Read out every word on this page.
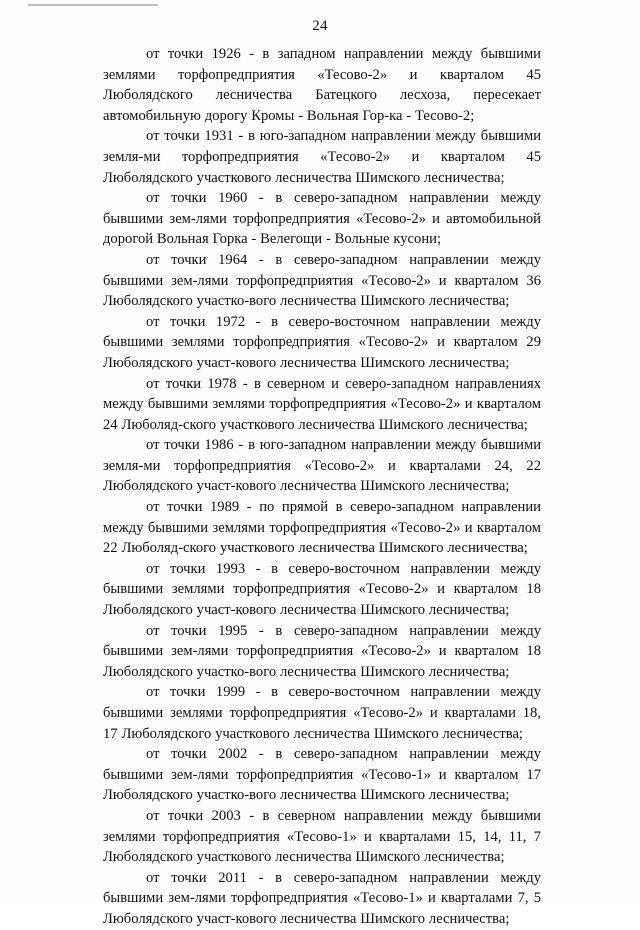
24

от точки 1926 - в западном направлении между бывшими землями торфопредприятия «Тесово-2» и кварталом 45 Люболядского лесничества Батецкого лесхоза, пересекает автомобильную дорогу Кромы - Вольная Гор-ка - Тесово-2;

от точки 1931 - в юго-западном направлении между бывшими земля-ми торфопредприятия «Тесово-2» и кварталом 45 Люболядского участкового лесничества Шимского лесничества;

от точки 1960 - в северо-западном направлении между бывшими зем-лями торфопредприятия «Тесово-2» и автомобильной дорогой Вольная Горка - Велегощи - Вольные кусони;

от точки 1964 - в северо-западном направлении между бывшими зем-лями торфопредприятия «Тесово-2» и кварталом 36 Люболядского участко-вого лесничества Шимского лесничества;

от точки 1972 - в северо-восточном направлении между бывшими землями торфопредприятия «Тесово-2» и кварталом 29 Люболядского участ-кового лесничества Шимского лесничества;

от точки 1978 - в северном и северо-западном направлениях между бывшими землями торфопредприятия «Тесово-2» и кварталом 24 Люболяд-ского участкового лесничества Шимского лесничества;

от точки 1986 - в юго-западном направлении между бывшими земля-ми торфопредприятия «Тесово-2» и кварталами 24, 22 Люболядского участ-кового лесничества Шимского лесничества;

от точки 1989 - по прямой в северо-западном направлении между бывшими землями торфопредприятия «Тесово-2» и кварталом 22 Люболяд-ского участкового лесничества Шимского лесничества;

от точки 1993 - в северо-восточном направлении между бывшими землями торфопредприятия «Тесово-2» и кварталом 18 Люболядского участ-кового лесничества Шимского лесничества;

от точки 1995 - в северо-западном направлении между бывшими зем-лями торфопредприятия «Тесово-2» и кварталом 18 Люболядского участко-вого лесничества Шимского лесничества;

от точки 1999 - в северо-восточном направлении между бывшими землями торфопредприятия «Тесово-2» и кварталами 18, 17 Люболядского участкового лесничества Шимского лесничества;

от точки 2002 - в северо-западном направлении между бывшими зем-лями торфопредприятия «Тесово-1» и кварталом 17 Люболядского участко-вого лесничества Шимского лесничества;

от точки 2003 - в северном направлении между бывшими землями торфопредприятия «Тесово-1» и кварталами 15, 14, 11, 7 Люболядского участкового лесничества Шимского лесничества;

от точки 2011 - в северо-западном направлении между бывшими зем-лями торфопредприятия «Тесово-1» и кварталами 7, 5 Люболядского участ-кового лесничества Шимского лесничества;
